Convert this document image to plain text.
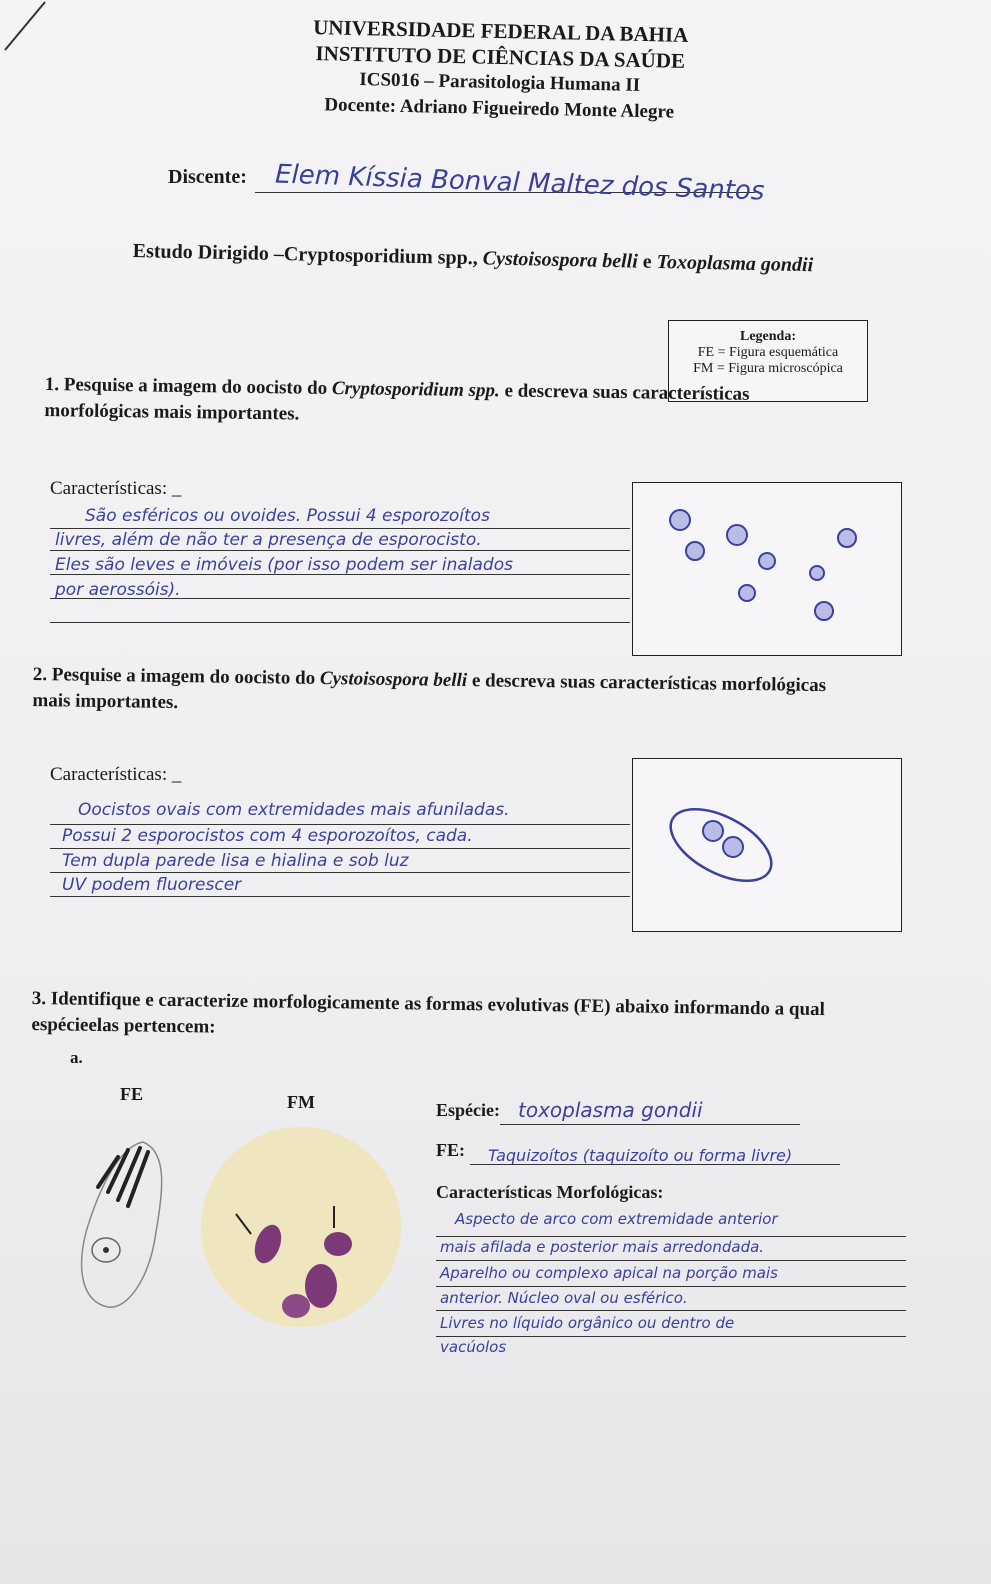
UNIVERSIDADE FEDERAL DA BAHIA
INSTITUTO DE CIÊNCIAS DA SAÚDE
ICS016 – Parasitologia Humana II
Docente: Adriano Figueiredo Monte Alegre
Discente: Elem Kíssia Bonval Maltez dos Santos
Estudo Dirigido –Cryptosporidium spp., Cystoisospora belli e Toxoplasma gondii
Legenda:
FE = Figura esquemática
FM = Figura microscópica
1. Pesquise a imagem do oocisto do Cryptosporidium spp. e descreva suas características morfológicas mais importantes.
Características: _
São esféricos ou ovoides. Possui 4 esporozoítos
livres, além de não ter a presença de esporocisto.
Eles são leves e imóveis (por isso podem ser inalados
por aerossóis).
2. Pesquise a imagem do oocisto do Cystoisospora belli e descreva suas características morfológicas mais importantes.
Características: _
Oocistos ovais com extremidades mais afuniladas.
Possui 2 esporocistos com 4 esporozoítos, cada.
Tem dupla parede lisa e hialina e sob luz
UV podem fluorescer
3. Identifique e caracterize morfologicamente as formas evolutivas (FE) abaixo informando a qual espécieelas pertencem:
a.
FE	FM	Espécie: toxoplasma gondii
FE: Taquizoítos (taquizoíto ou forma livre)
Características Morfológicas:
Aspecto de arco com extremidade anterior
mais afilada e posterior mais arredondada.
Aparelho ou complexo apical na porção mais
anterior. Núcleo oval ou esférico.
Livres no líquido orgânico ou dentro de
vacúolos
